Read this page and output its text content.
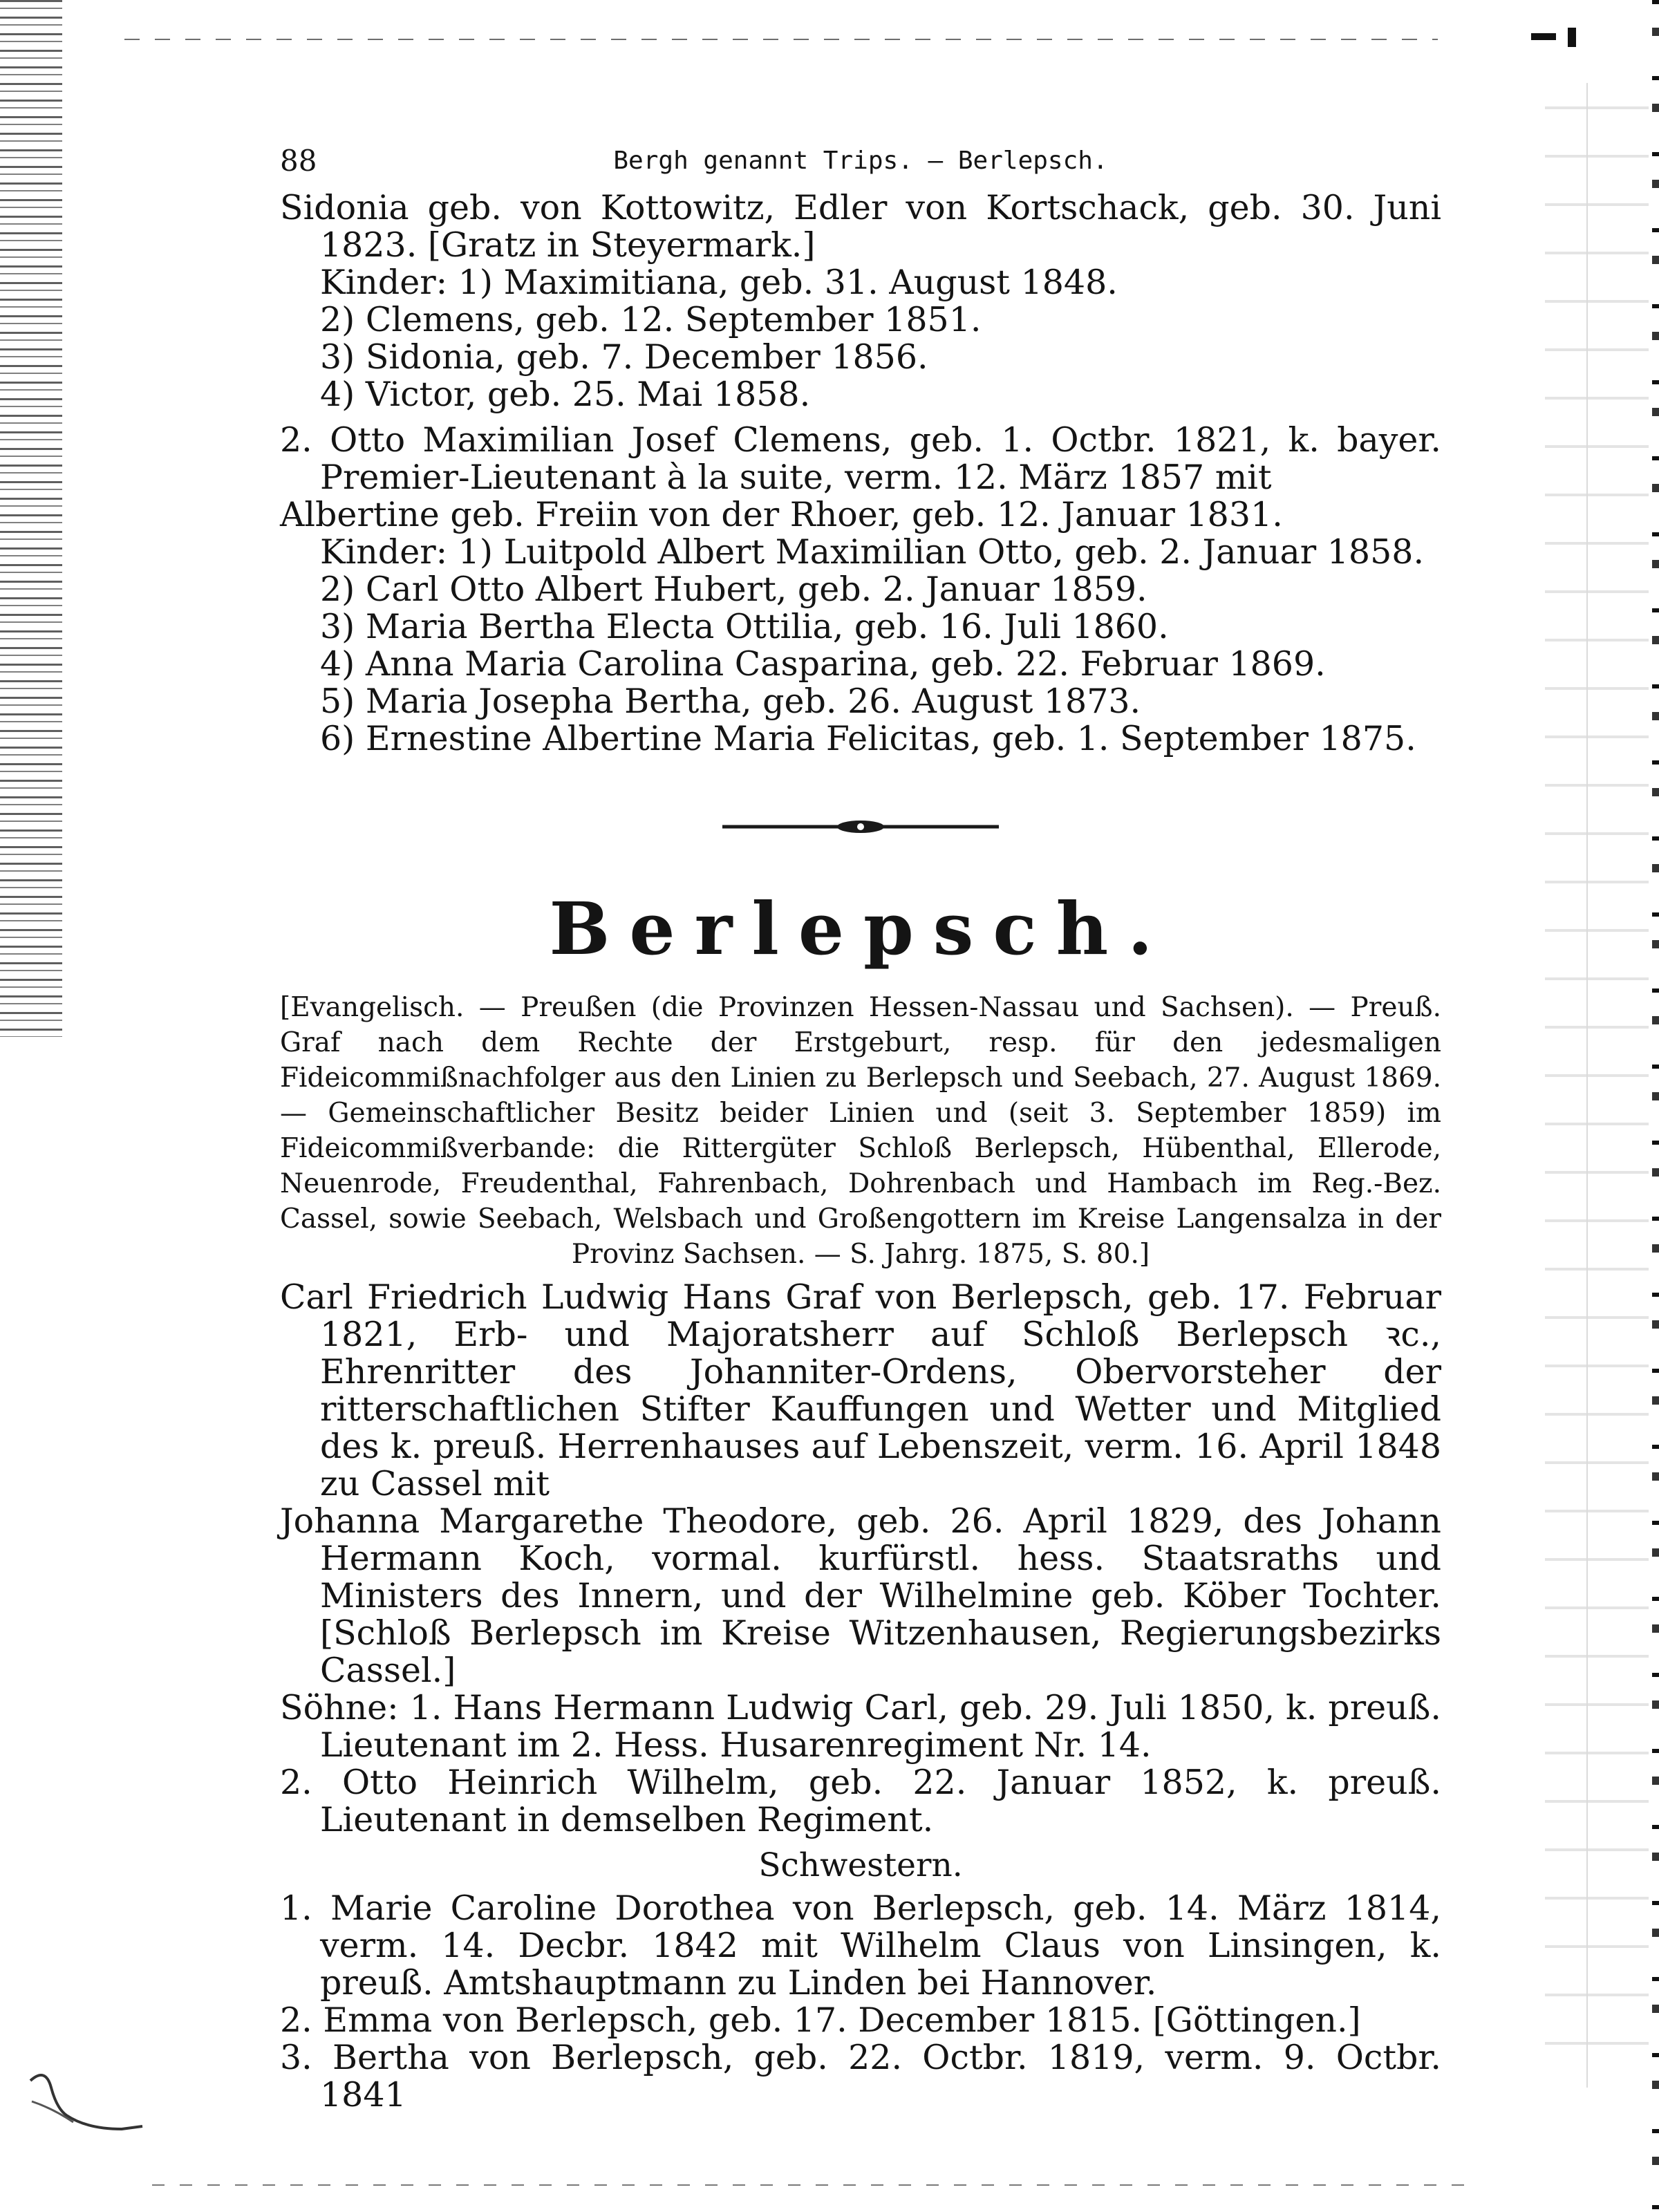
88	Bergh genannt Trips. — Berlepsch.

Sidonia geb. von Kottowitz, Edler von Kortschack, geb. 30. Juni 1823. [Gratz in Steyermark.]

Kinder: 1) Maximitiana, geb. 31. August 1848.

2) Clemens, geb. 12. September 1851.

3) Sidonia, geb. 7. December 1856.

4) Victor, geb. 25. Mai 1858.

2. Otto Maximilian Josef Clemens, geb. 1. Octbr. 1821, k. bayer. Premier-Lieutenant à la suite, verm. 12. März 1857 mit

Albertine geb. Freiin von der Rhoer, geb. 12. Januar 1831.

Kinder: 1) Luitpold Albert Maximilian Otto, geb. 2. Januar 1858.

2) Carl Otto Albert Hubert, geb. 2. Januar 1859.

3) Maria Bertha Electa Ottilia, geb. 16. Juli 1860.

4) Anna Maria Carolina Casparina, geb. 22. Februar 1869.

5) Maria Josepha Bertha, geb. 26. August 1873.

6) Ernestine Albertine Maria Felicitas, geb. 1. September 1875.

Berlepsch.

[Evangelisch. — Preußen (die Provinzen Hessen-Nassau und Sachsen). — Preuß. Graf nach dem Rechte der Erstgeburt, resp. für den jedesmaligen Fideicommißnachfolger aus den Linien zu Berlepsch und Seebach, 27. August 1869. — Gemeinschaftlicher Besitz beider Linien und (seit 3. September 1859) im Fideicommißverbande: die Rittergüter Schloß Berlepsch, Hübenthal, Ellerode, Neuenrode, Freudenthal, Fahrenbach, Dohrenbach und Hambach im Reg.-Bez. Cassel, sowie Seebach, Welsbach und Großengottern im Kreise Langensalza in der Provinz Sachsen. — S. Jahrg. 1875, S. 80.]

Carl Friedrich Ludwig Hans Graf von Berlepsch, geb. 17. Februar 1821, Erb- und Majoratsherr auf Schloß Berlepsch ꝛc., Ehrenritter des Johanniter-Ordens, Obervorsteher der ritterschaftlichen Stifter Kauffungen und Wetter und Mitglied des k. preuß. Herrenhauses auf Lebenszeit, verm. 16. April 1848 zu Cassel mit

Johanna Margarethe Theodore, geb. 26. April 1829, des Johann Hermann Koch, vormal. kurfürstl. hess. Staatsraths und Ministers des Innern, und der Wilhelmine geb. Köber Tochter. [Schloß Berlepsch im Kreise Witzenhausen, Regierungsbezirks Cassel.]

Söhne: 1. Hans Hermann Ludwig Carl, geb. 29. Juli 1850, k. preuß. Lieutenant im 2. Hess. Husarenregiment Nr. 14.

2. Otto Heinrich Wilhelm, geb. 22. Januar 1852, k. preuß. Lieutenant in demselben Regiment.

Schwestern.

1. Marie Caroline Dorothea von Berlepsch, geb. 14. März 1814, verm. 14. Decbr. 1842 mit Wilhelm Claus von Linsingen, k. preuß. Amtshauptmann zu Linden bei Hannover.

2. Emma von Berlepsch, geb. 17. December 1815. [Göttingen.]

3. Bertha von Berlepsch, geb. 22. Octbr. 1819, verm. 9. Octbr. 1841
